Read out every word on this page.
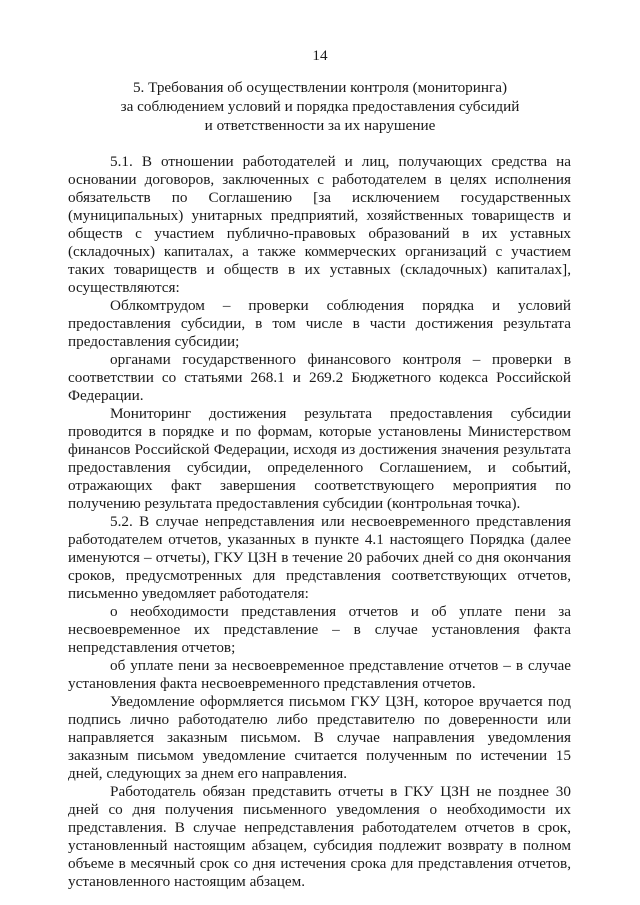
14
5. Требования об осуществлении контроля (мониторинга)
за соблюдением условий и порядка предоставления субсидий
и ответственности за их нарушение

5.1. В отношении работодателей и лиц, получающих средства на основании договоров, заключенных с работодателем в целях исполнения обязательств по Соглашению [за исключением государственных (муниципальных) унитарных предприятий, хозяйственных товариществ и обществ с участием публично-правовых образований в их уставных (складочных) капиталах, а также коммерческих организаций с участием таких товариществ и обществ в их уставных (складочных) капиталах], осуществляются:

Облкомтрудом – проверки соблюдения порядка и условий предоставления субсидии, в том числе в части достижения результата предоставления субсидии;

органами государственного финансового контроля – проверки в соответствии со статьями 268.1 и 269.2 Бюджетного кодекса Российской Федерации.

Мониторинг достижения результата предоставления субсидии проводится в порядке и по формам, которые установлены Министерством финансов Российской Федерации, исходя из достижения значения результата предоставления субсидии, определенного Соглашением, и событий, отражающих факт завершения соответствующего мероприятия по получению результата предоставления субсидии (контрольная точка).

5.2. В случае непредставления или несвоевременного представления работодателем отчетов, указанных в пункте 4.1 настоящего Порядка (далее именуются – отчеты), ГКУ ЦЗН в течение 20 рабочих дней со дня окончания сроков, предусмотренных для представления соответствующих отчетов, письменно уведомляет работодателя:

о необходимости представления отчетов и об уплате пени за несвоевременное их представление – в случае установления факта непредставления отчетов;

об уплате пени за несвоевременное представление отчетов – в случае установления факта несвоевременного представления отчетов.

Уведомление оформляется письмом ГКУ ЦЗН, которое вручается под подпись лично работодателю либо представителю по доверенности или направляется заказным письмом. В случае направления уведомления заказным письмом уведомление считается полученным по истечении 15 дней, следующих за днем его направления.

Работодатель обязан представить отчеты в ГКУ ЦЗН не позднее 30 дней со дня получения письменного уведомления о необходимости их представления. В случае непредставления работодателем отчетов в срок, установленный настоящим абзацем, субсидия подлежит возврату в полном объеме в месячный срок со дня истечения срока для представления отчетов, установленного настоящим абзацем.
